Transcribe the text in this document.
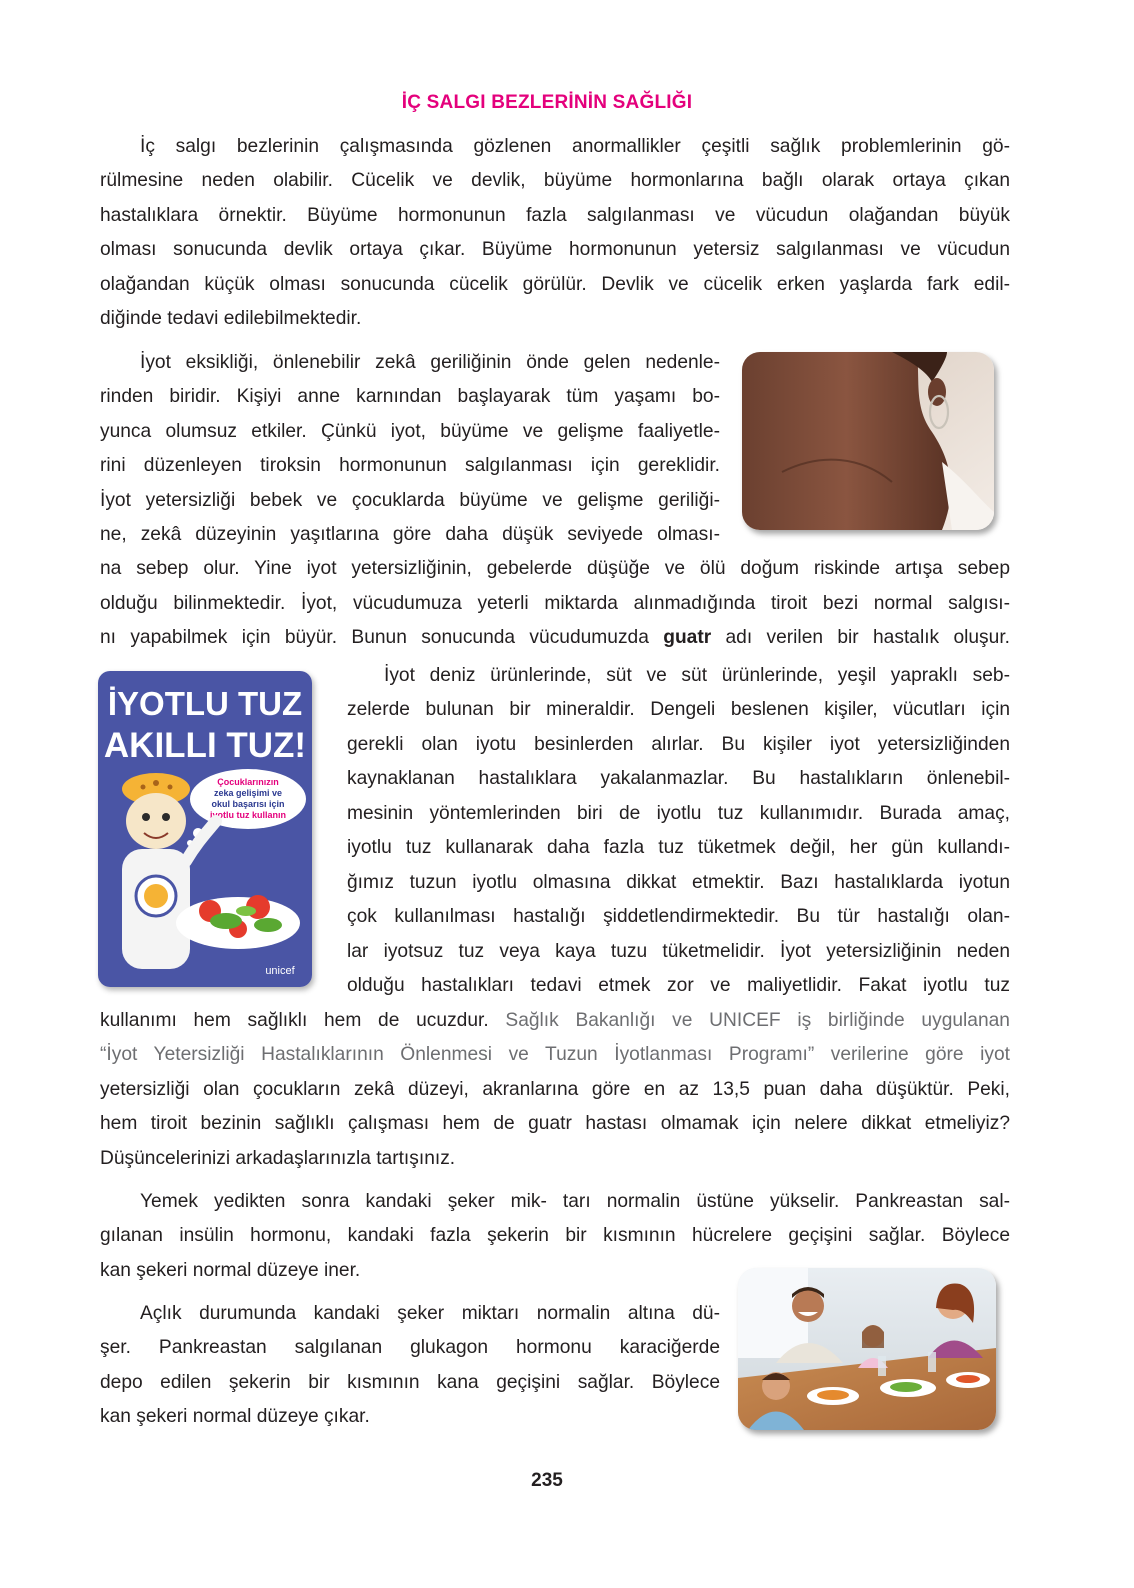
İÇ SALGI BEZLERİNİN SAĞLIĞI

İç salgı bezlerinin çalışmasında gözlenen anormallikler çeşitli sağlık problemlerinin gö-

rülmesine neden olabilir. Cücelik ve devlik, büyüme hormonlarına bağlı olarak ortaya çıkan

hastalıklara örnektir. Büyüme hormonunun fazla salgılanması ve vücudun olağandan büyük

olması sonucunda devlik ortaya çıkar. Büyüme hormonunun yetersiz salgılanması ve vücudun

olağandan küçük olması sonucunda cücelik görülür. Devlik ve cücelik erken yaşlarda fark edil-

diğinde tedavi edilebilmektedir.

İyot eksikliği, önlenebilir zekâ geriliğinin önde gelen nedenle-

rinden biridir. Kişiyi anne karnından başlayarak tüm yaşamı bo-

yunca olumsuz etkiler. Çünkü iyot, büyüme ve gelişme faaliyetle-

rini düzenleyen tiroksin hormonunun salgılanması için gereklidir.

İyot yetersizliği bebek ve çocuklarda büyüme ve gelişme geriliği-

ne, zekâ düzeyinin yaşıtlarına göre daha düşük seviyede olması-

na sebep olur. Yine iyot yetersizliğinin, gebelerde düşüğe ve ölü doğum riskinde artışa sebep

olduğu bilinmektedir. İyot, vücudumuza yeterli miktarda alınmadığında tiroit bezi normal salgısı-

nı yapabilmek için büyür. Bunun sonucunda vücudumuzda guatr adı verilen bir hastalık oluşur.

İYOTLU TUZ
AKILLI TUZ!
Çocuklarınızın
zeka gelişimi ve
okul başarısı için
iyotlu tuz kullanın
unicef

İyot deniz ürünlerinde, süt ve süt ürünlerinde, yeşil yapraklı seb-

zelerde bulunan bir mineraldir. Dengeli beslenen kişiler, vücutları için

gerekli olan iyotu besinlerden alırlar. Bu kişiler iyot yetersizliğinden

kaynaklanan hastalıklara yakalanmazlar. Bu hastalıkların önlenebil-

mesinin yöntemlerinden biri de iyotlu tuz kullanımıdır. Burada amaç,

iyotlu tuz kullanarak daha fazla tuz tüketmek değil, her gün kullandı-

ğımız tuzun iyotlu olmasına dikkat etmektir. Bazı hastalıklarda iyotun

çok kullanılması hastalığı şiddetlendirmektedir. Bu tür hastalığı olan-

lar iyotsuz tuz veya kaya tuzu tüketmelidir. İyot yetersizliğinin neden

olduğu hastalıkları tedavi etmek zor ve maliyetlidir. Fakat iyotlu tuz

kullanımı hem sağlıklı hem de ucuzdur. Sağlık Bakanlığı ve UNICEF iş birliğinde uygulanan

“İyot Yetersizliği Hastalıklarının Önlenmesi ve Tuzun İyotlanması Programı” verilerine göre iyot

yetersizliği olan çocukların zekâ düzeyi, akranlarına göre en az 13,5 puan daha düşüktür. Peki,

hem tiroit bezinin sağlıklı çalışması hem de guatr hastası olmamak için nelere dikkat etmeliyiz?

Düşüncelerinizi arkadaşlarınızla tartışınız.

Yemek yedikten sonra kandaki şeker mik- tarı normalin üstüne yükselir. Pankreastan sal-

gılanan insülin hormonu, kandaki fazla şekerin bir kısmının hücrelere geçişini sağlar. Böylece

kan şekeri normal düzeye iner.

Açlık durumunda kandaki şeker miktarı normalin altına dü-

şer. Pankreastan salgılanan glukagon hormonu karaciğerde

depo edilen şekerin bir kısmının kana geçişini sağlar. Böylece

kan şekeri normal düzeye çıkar.

235
